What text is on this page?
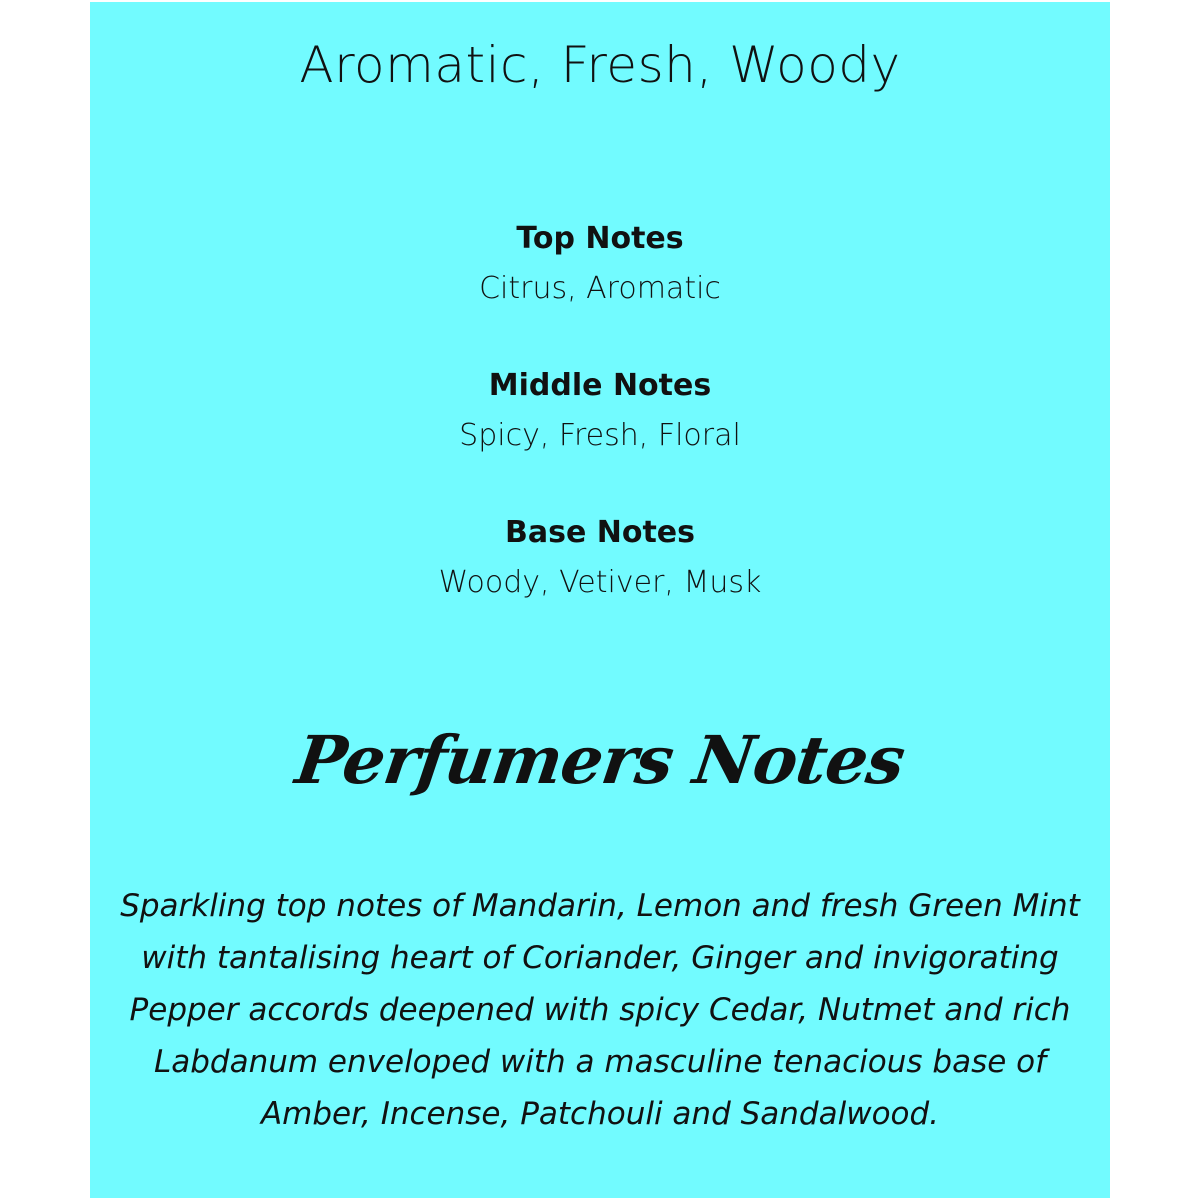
Aromatic, Fresh, Woody
Top Notes
Citrus, Aromatic
Middle Notes
Spicy, Fresh, Floral
Base Notes
Woody, Vetiver, Musk
Perfumers Notes

Sparkling top notes of Mandarin, Lemon and fresh Green Mint with tantalising heart of Coriander, Ginger and invigorating Pepper accords deepened with spicy Cedar, Nutmet and rich Labdanum enveloped with a masculine tenacious base of Amber, Incense, Patchouli and Sandalwood.
